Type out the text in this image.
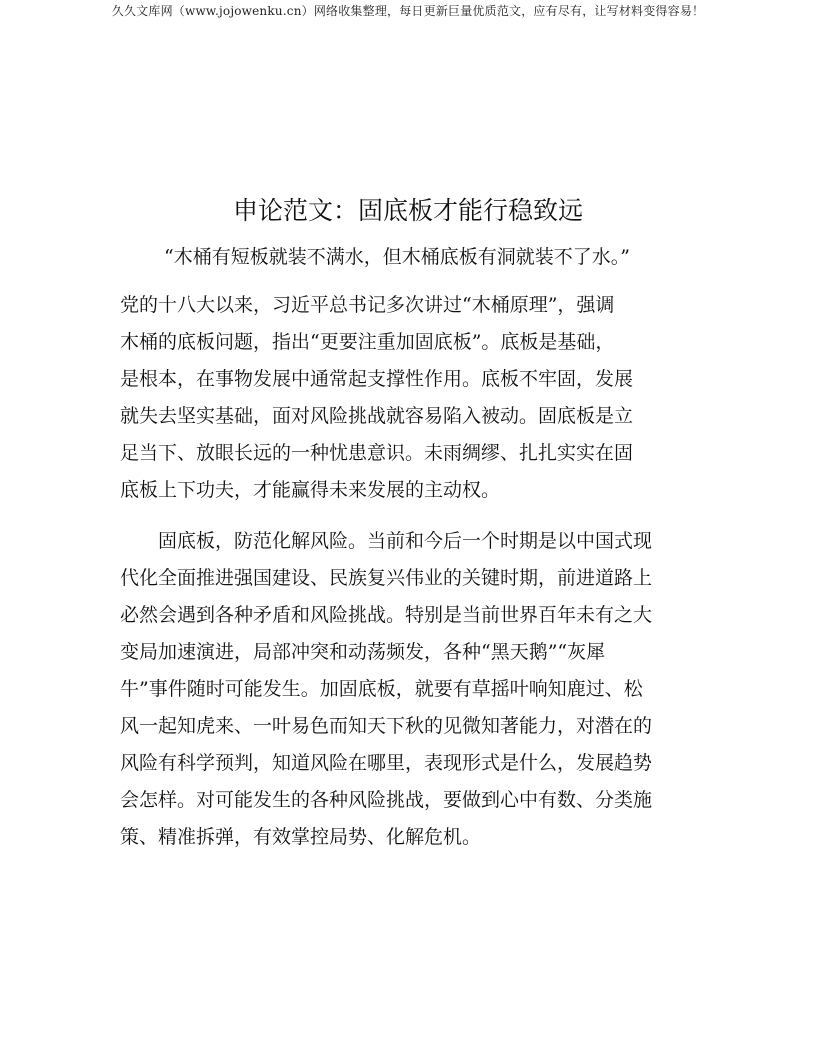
久久文库网（www.jojowenku.cn）网络收集整理，每日更新巨量优质范文，应有尽有，让写材料变得容易！
申论范文：固底板才能行稳致远
“木桶有短板就装不满水，但木桶底板有洞就装不了水。”
党的十八大以来，习近平总书记多次讲过“木桶原理”，强调
木桶的底板问题，指出“更要注重加固底板”。底板是基础，
是根本，在事物发展中通常起支撑性作用。底板不牢固，发展
就失去坚实基础，面对风险挑战就容易陷入被动。固底板是立
足当下、放眼长远的一种忧患意识。未雨绸缪、扎扎实实在固
底板上下功夫，才能赢得未来发展的主动权。
　　固底板，防范化解风险。当前和今后一个时期是以中国式现
代化全面推进强国建设、民族复兴伟业的关键时期，前进道路上
必然会遇到各种矛盾和风险挑战。特别是当前世界百年未有之大
变局加速演进，局部冲突和动荡频发，各种“黑天鹅”“灰犀
牛”事件随时可能发生。加固底板，就要有草摇叶响知鹿过、松
风一起知虎来、一叶易色而知天下秋的见微知著能力，对潜在的
风险有科学预判，知道风险在哪里，表现形式是什么，发展趋势
会怎样。对可能发生的各种风险挑战，要做到心中有数、分类施
策、精准拆弹，有效掌控局势、化解危机。
